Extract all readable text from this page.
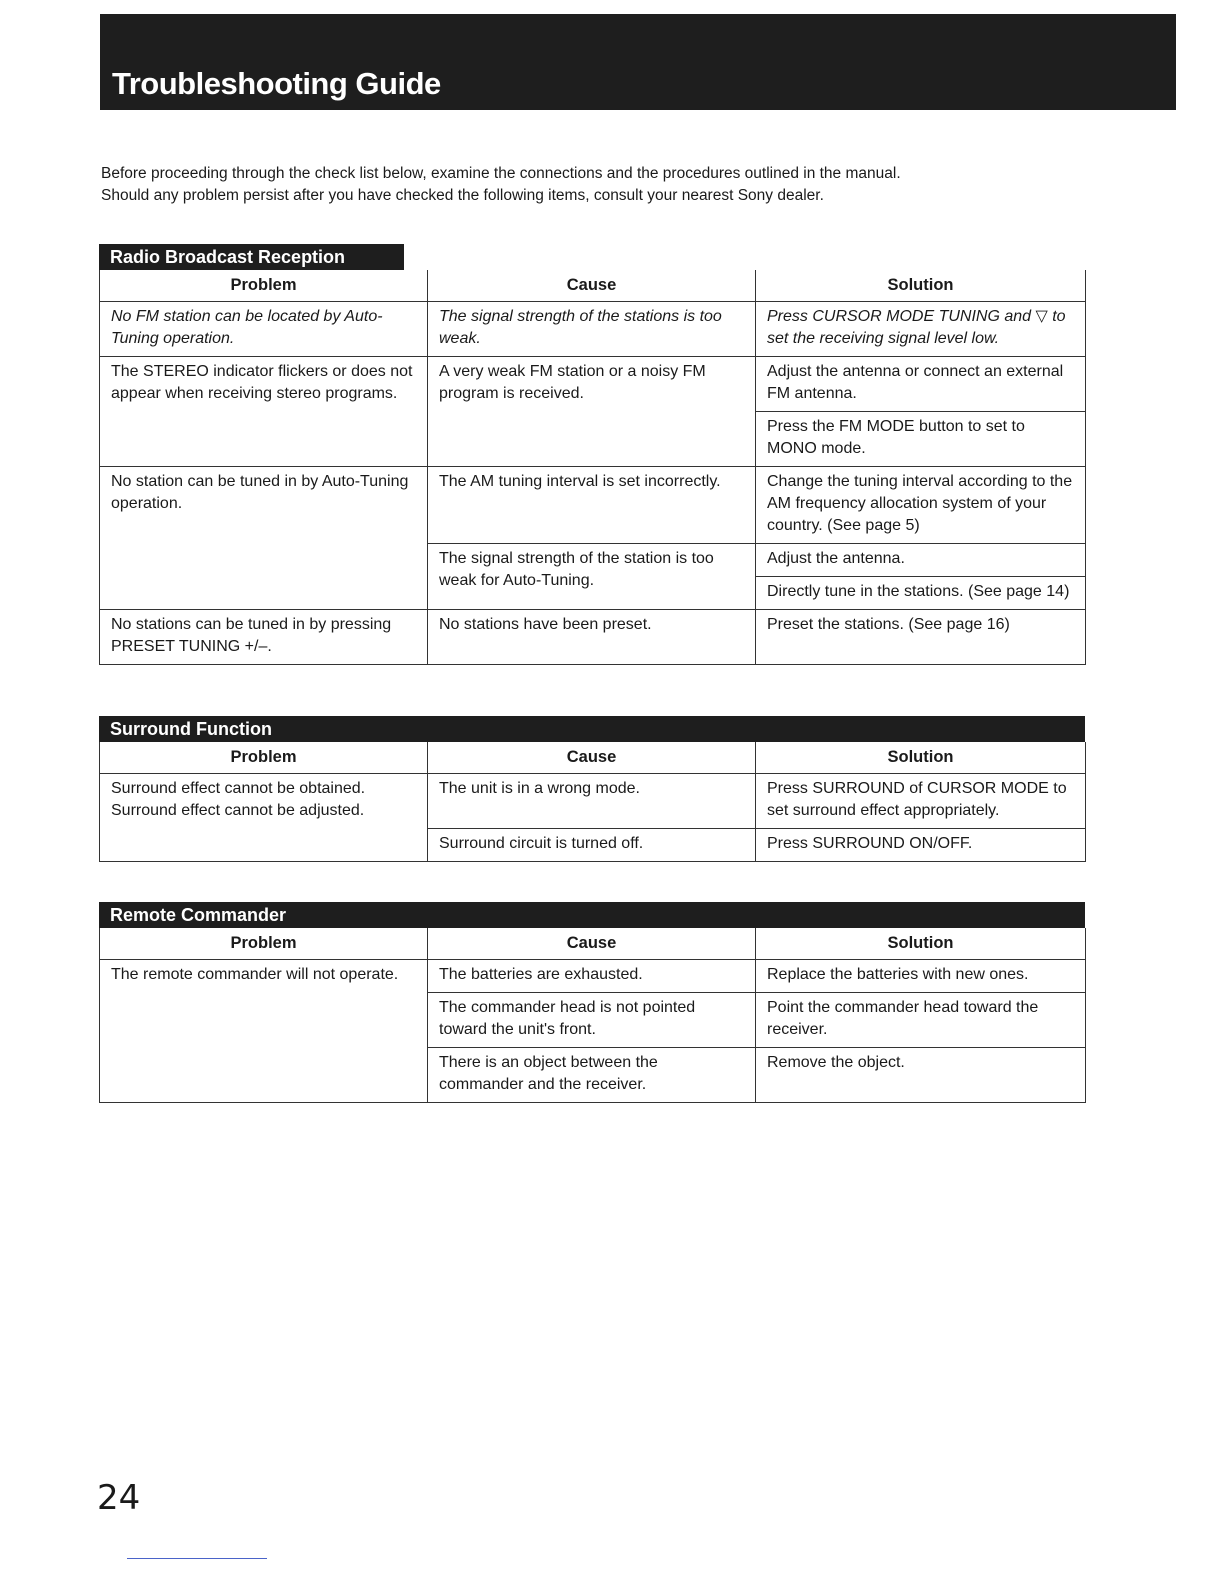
Troubleshooting Guide

Before proceeding through the check list below, examine the connections and the procedures outlined in the manual.
Should any problem persist after you have checked the following items, consult your nearest Sony dealer.

Radio Broadcast Reception
Problem	Cause	Solution
No FM station can be located by Auto-Tuning operation.	The signal strength of the stations is too weak.	Press CURSOR MODE TUNING and ▽ to set the receiving signal level low.
The STEREO indicator flickers or does not appear when receiving stereo programs.	A very weak FM station or a noisy FM program is received.	Adjust the antenna or connect an external FM antenna.
		Press the FM MODE button to set to MONO mode.
No station can be tuned in by Auto-Tuning operation.	The AM tuning interval is set incorrectly.	Change the tuning interval according to the AM frequency allocation system of your country. (See page 5)
	The signal strength of the station is too weak for Auto-Tuning.	Adjust the antenna.
		Directly tune in the stations. (See page 14)
No stations can be tuned in by pressing PRESET TUNING +/–.	No stations have been preset.	Preset the stations. (See page 16)
Surround Function
Problem	Cause	Solution
Surround effect cannot be obtained. Surround effect cannot be adjusted.	The unit is in a wrong mode.	Press SURROUND of CURSOR MODE to set surround effect appropriately.
	Surround circuit is turned off.	Press SURROUND ON/OFF.
Remote Commander
Problem	Cause	Solution
The remote commander will not operate.	The batteries are exhausted.	Replace the batteries with new ones.
	The commander head is not pointed toward the unit's front.	Point the commander head toward the receiver.
	There is an object between the commander and the receiver.	Remove the object.
24
